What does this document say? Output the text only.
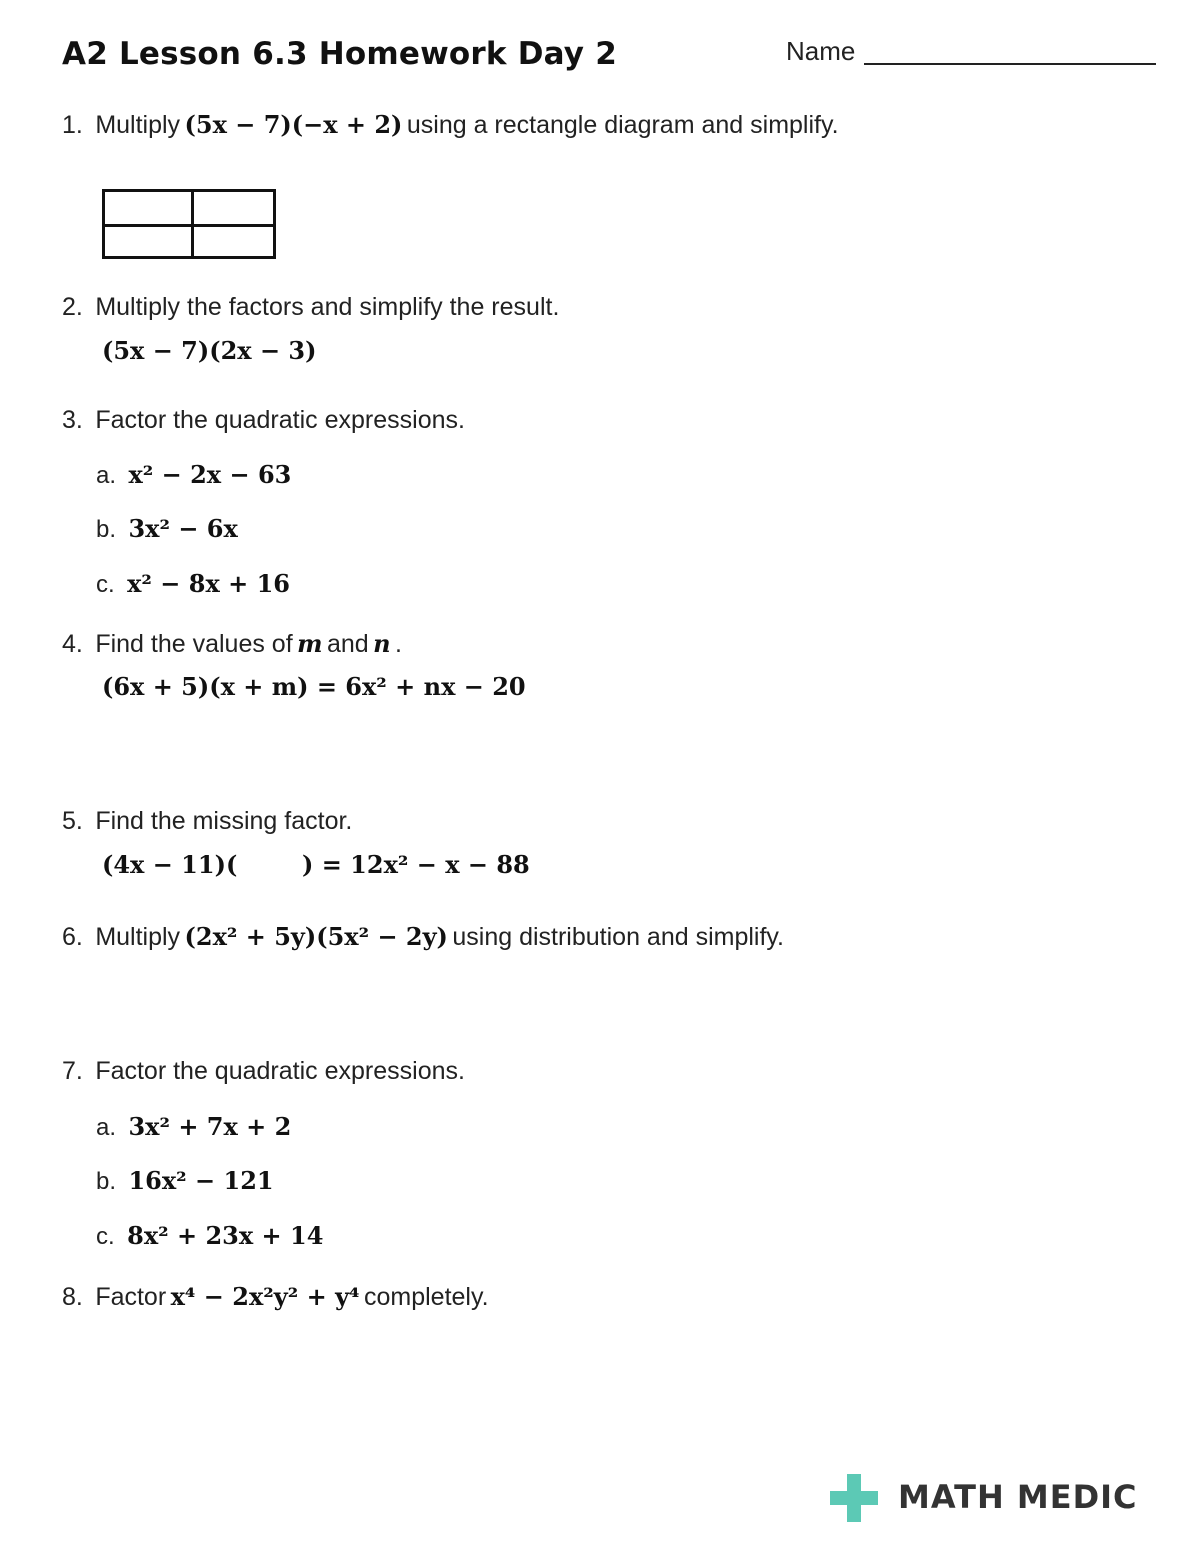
A2 Lesson 6.3 Homework Day 2	Name
1. Multiply (5x − 7)(−x + 2) using a rectangle diagram and simplify.
2. Multiply the factors and simplify the result.
(5x − 7)(2x − 3)
3. Factor the quadratic expressions.
a. x² − 2x − 63
b. 3x² − 6x
c. x² − 8x + 16
4. Find the values of m and n .
(6x + 5)(x + m) = 6x² + nx − 20
5. Find the missing factor.
(4x − 11)(	) = 12x² − x − 88
6. Multiply (2x² + 5y)(5x² − 2y) using distribution and simplify.
7. Factor the quadratic expressions.
a. 3x² + 7x + 2
b. 16x² − 121
c. 8x² + 23x + 14
8. Factor x⁴ − 2x²y² + y⁴ completely.
MATH MEDIC
